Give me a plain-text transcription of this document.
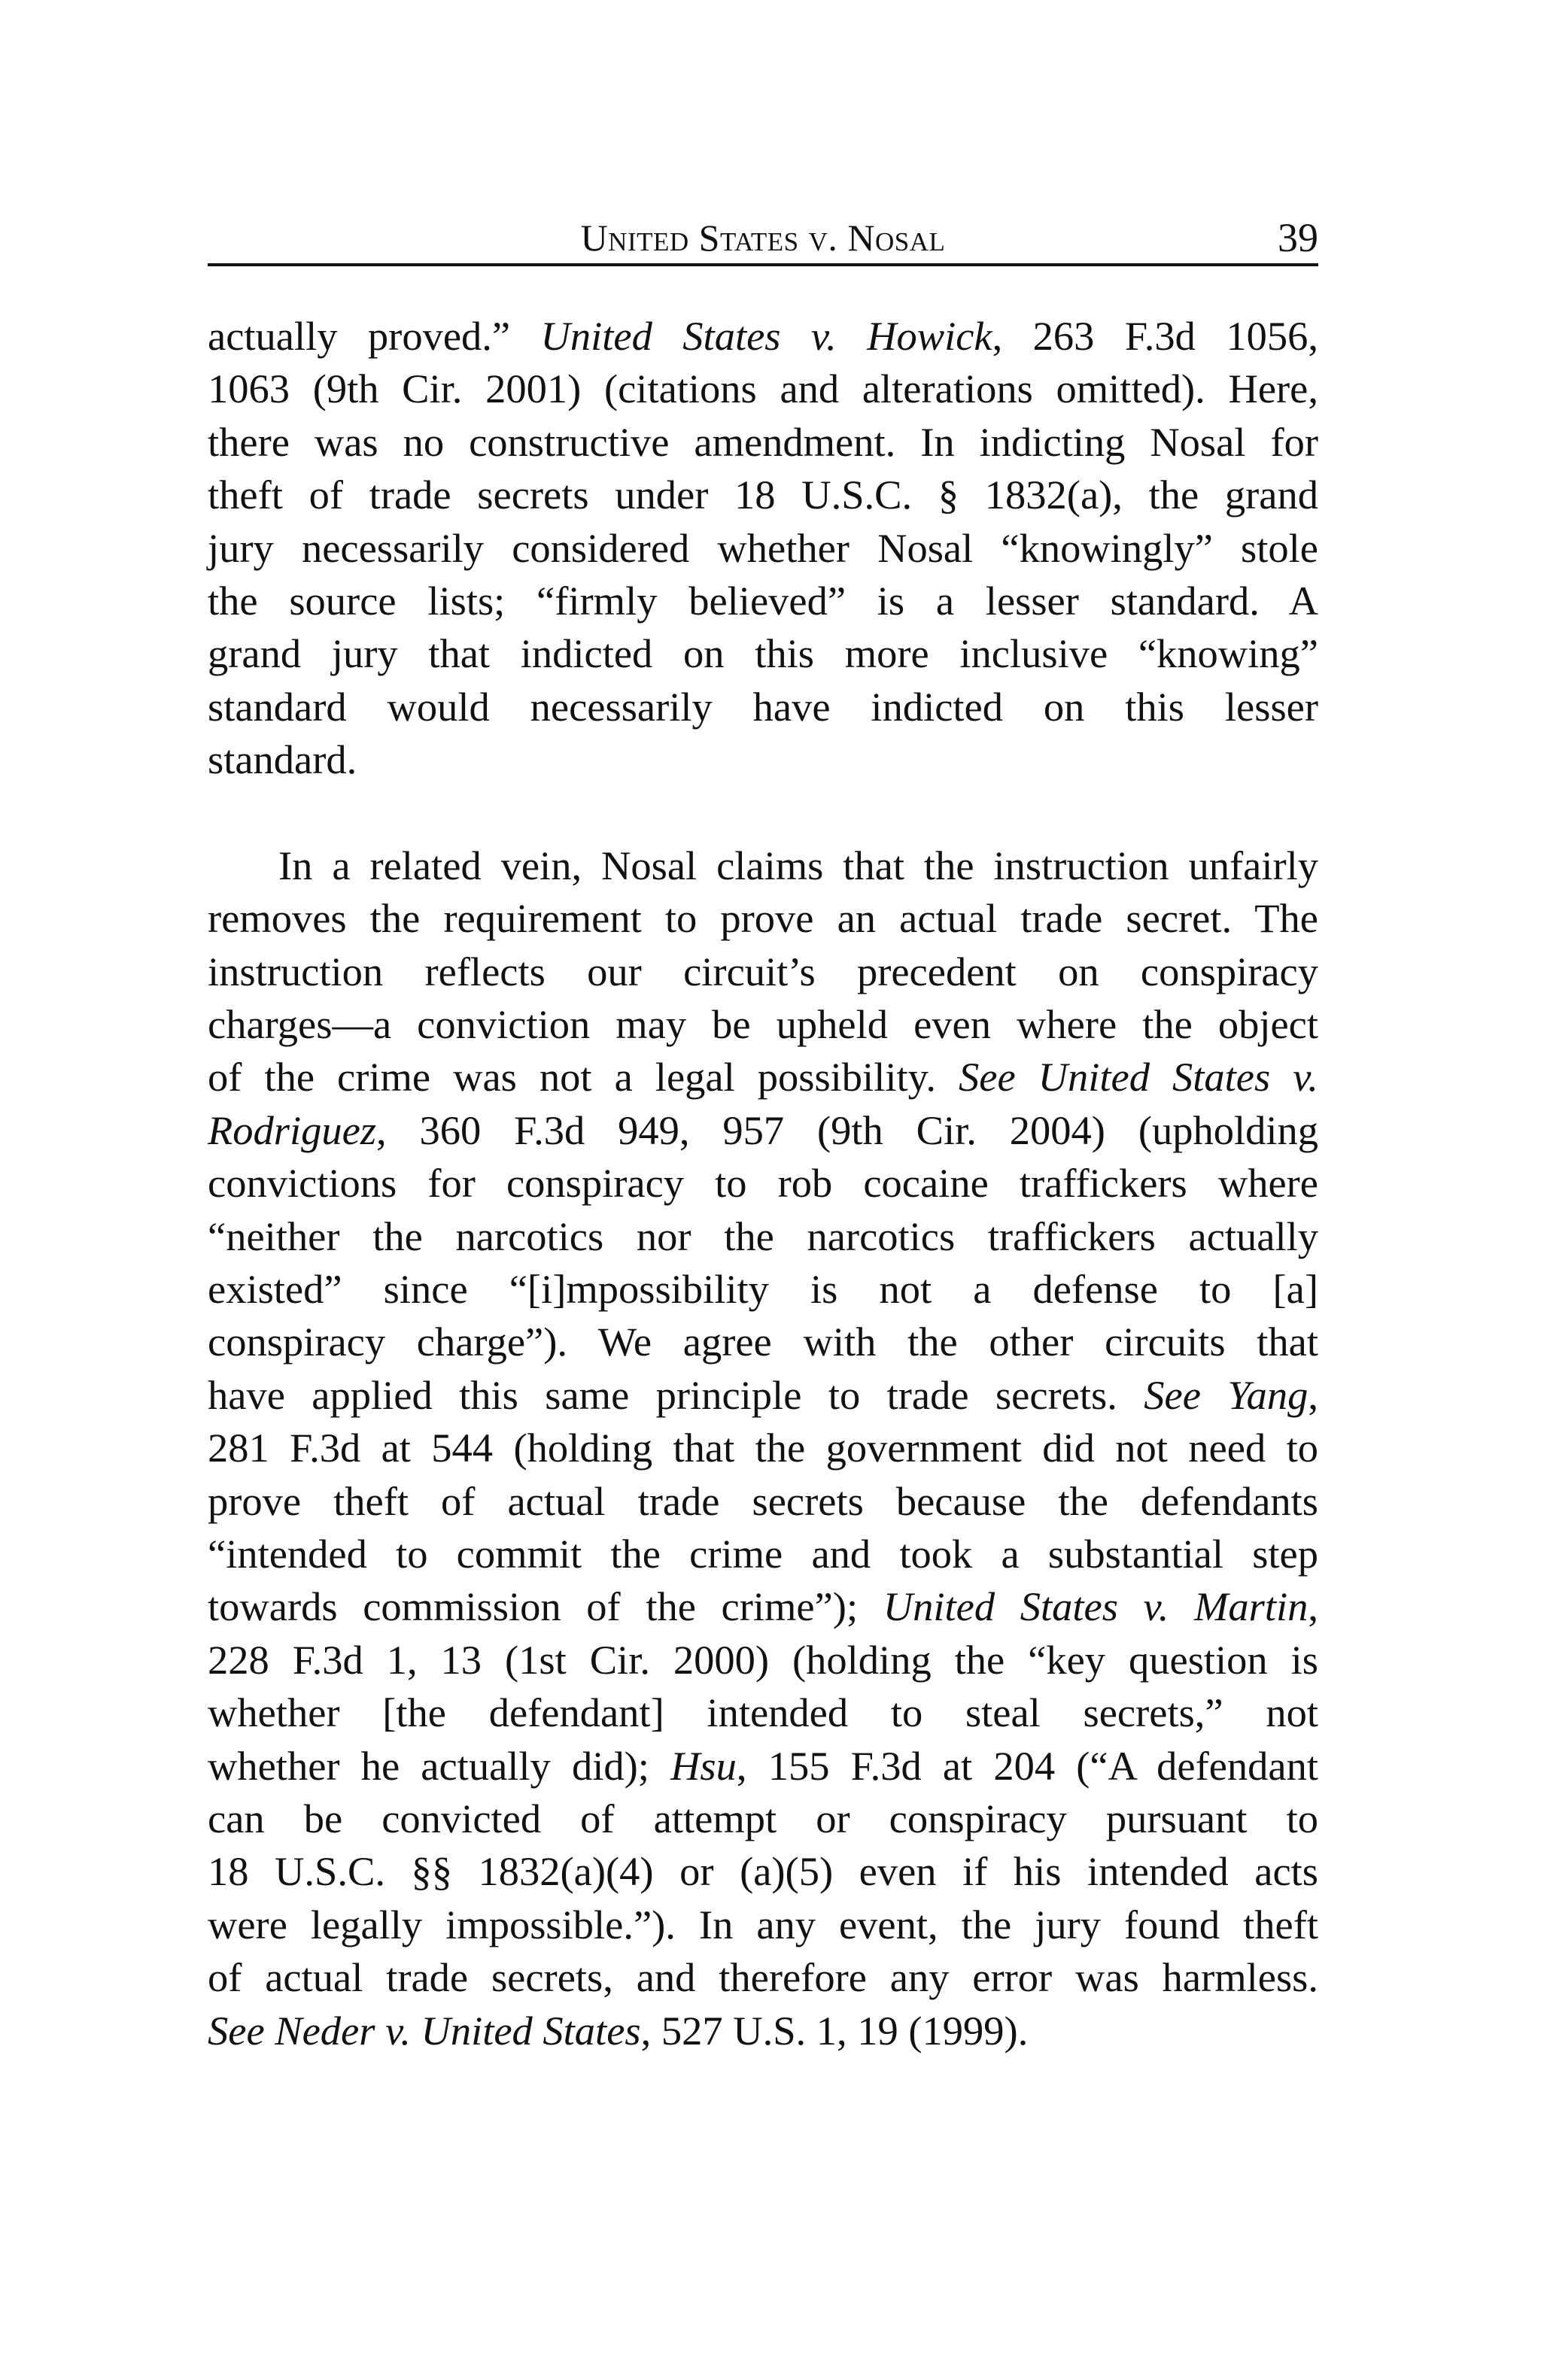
United States v. Nosal	39
actually proved.” United States v. Howick, 263 F.3d 1056,
1063 (9th Cir. 2001) (citations and alterations omitted). Here,
there was no constructive amendment. In indicting Nosal for
theft of trade secrets under 18 U.S.C. § 1832(a), the grand
jury necessarily considered whether Nosal “knowingly” stole
the source lists; “firmly believed” is a lesser standard. A
grand jury that indicted on this more inclusive “knowing”
standard would necessarily have indicted on this lesser
standard.
In a related vein, Nosal claims that the instruction unfairly
removes the requirement to prove an actual trade secret. The
instruction reflects our circuit’s precedent on conspiracy
charges—a conviction may be upheld even where the object
of the crime was not a legal possibility. See United States v.
Rodriguez, 360 F.3d 949, 957 (9th Cir. 2004) (upholding
convictions for conspiracy to rob cocaine traffickers where
“neither the narcotics nor the narcotics traffickers actually
existed” since “[i]mpossibility is not a defense to [a]
conspiracy charge”). We agree with the other circuits that
have applied this same principle to trade secrets. See Yang,
281 F.3d at 544 (holding that the government did not need to
prove theft of actual trade secrets because the defendants
“intended to commit the crime and took a substantial step
towards commission of the crime”); United States v. Martin,
228 F.3d 1, 13 (1st Cir. 2000) (holding the “key question is
whether [the defendant] intended to steal secrets,” not
whether he actually did); Hsu, 155 F.3d at 204 (“A defendant
can be convicted of attempt or conspiracy pursuant to
18 U.S.C. §§ 1832(a)(4) or (a)(5) even if his intended acts
were legally impossible.”). In any event, the jury found theft
of actual trade secrets, and therefore any error was harmless.
See Neder v. United States, 527 U.S. 1, 19 (1999).
